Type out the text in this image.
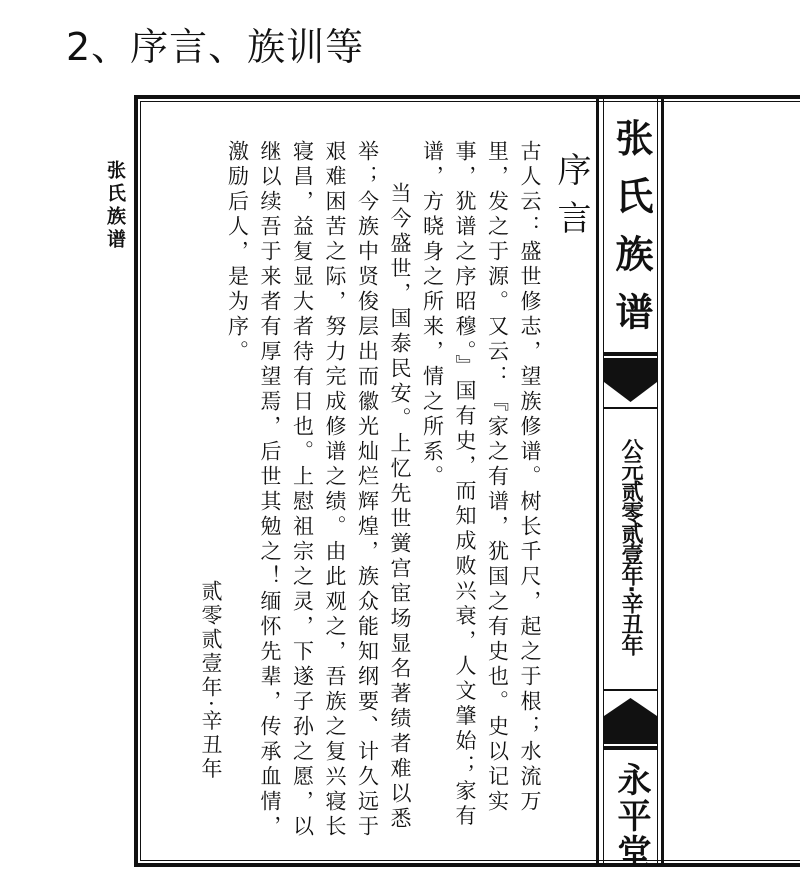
2、序言、族训等
张氏族谱	张氏族谱
公元贰零贰壹年·辛丑年
永平堂
序言

古人云：盛世修志，望族修谱。树长千尺，起之于根；水流万里，发之于源。又云：『家之有谱，犹国之有史也。史以记实事，犹谱之序昭穆。』国有史，而知成败兴衰，人文肇始；家有谱，方晓身之所来，情之所系。

当今盛世，国泰民安。上忆先世黉宫宦场显名著绩者难以悉举；今族中贤俊层出而徽光灿烂辉煌，族众能知纲要、计久远于艰难困苦之际，努力完成修谱之绩。由此观之，吾族之复兴寝长寝昌，益复显大者待有日也。上慰祖宗之灵，下遂子孙之愿，以继以续吾于来者有厚望焉，后世其勉之！缅怀先辈，传承血情，激励后人，是为序。

贰零贰壹年·辛丑年
